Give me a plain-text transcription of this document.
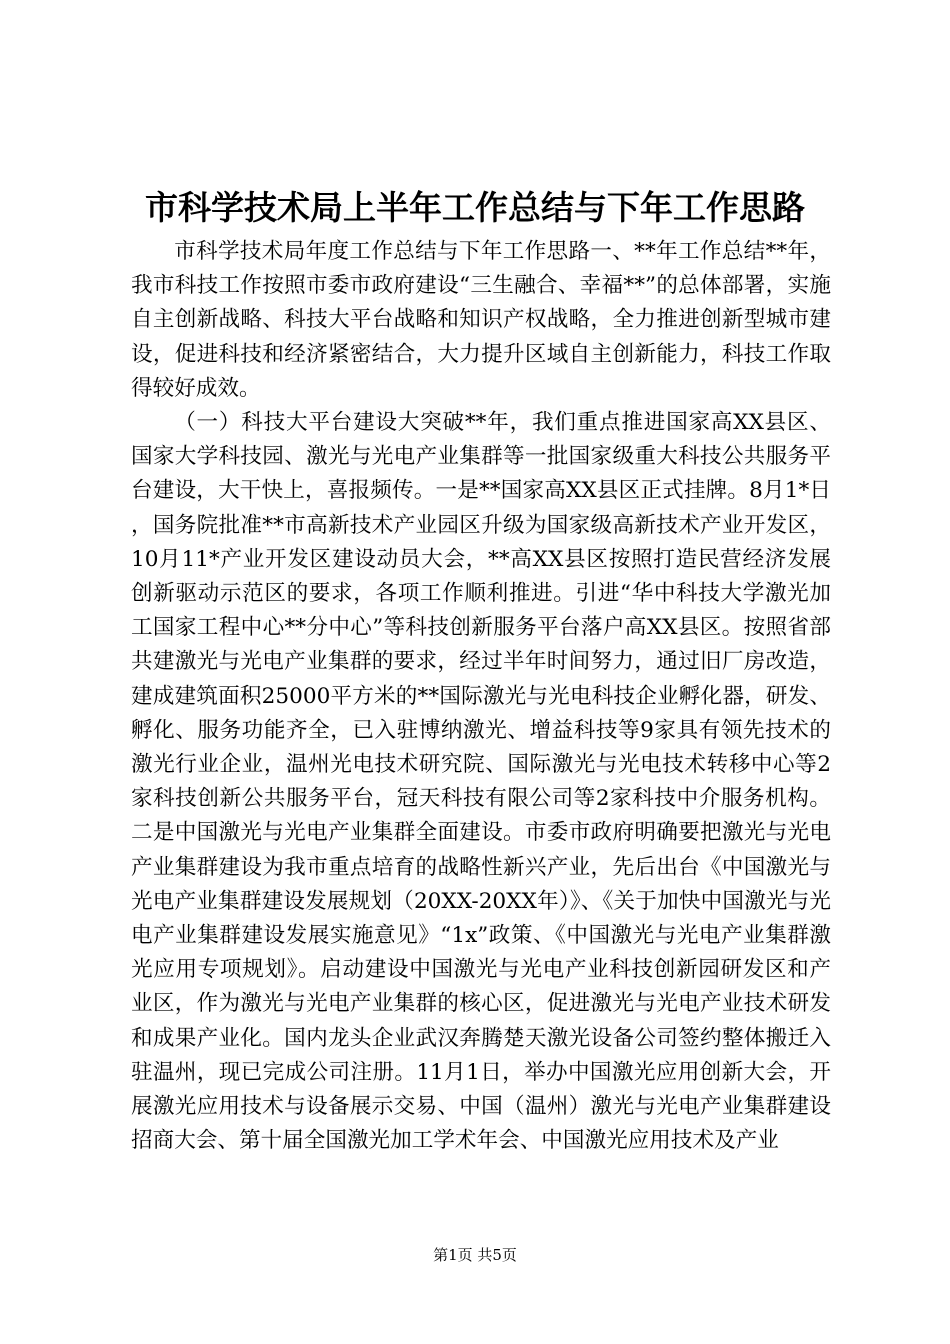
市科学技术局上半年工作总结与下年工作思路

市科学技术局年度工作总结与下年工作思路一、**年工作总结**年，我市科技工作按照市委市政府建设“三生融合、幸福**”的总体部署，实施自主创新战略、科技大平台战略和知识产权战略，全力推进创新型城市建设，促进科技和经济紧密结合，大力提升区域自主创新能力，科技工作取得较好成效。

（一）科技大平台建设大突破**年，我们重点推进国家高XX县区、国家大学科技园、激光与光电产业集群等一批国家级重大科技公共服务平台建设，大干快上，喜报频传。一是**国家高XX县区正式挂牌。8月1*日，国务院批准**市高新技术产业园区升级为国家级高新技术产业开发区，10月11*产业开发区建设动员大会，**高XX县区按照打造民营经济发展创新驱动示范区的要求，各项工作顺利推进。引进“华中科技大学激光加工国家工程中心**分中心”等科技创新服务平台落户高XX县区。按照省部共建激光与光电产业集群的要求，经过半年时间努力，通过旧厂房改造，建成建筑面积25000平方米的**国际激光与光电科技企业孵化器，研发、孵化、服务功能齐全，已入驻博纳激光、增益科技等9家具有领先技术的激光行业企业，温州光电技术研究院、国际激光与光电技术转移中心等2家科技创新公共服务平台，冠天科技有限公司等2家科技中介服务机构。二是中国激光与光电产业集群全面建设。市委市政府明确要把激光与光电产业集群建设为我市重点培育的战略性新兴产业，先后出台《中国激光与光电产业集群建设发展规划（20XX-20XX年）》、《关于加快中国激光与光电产业集群建设发展实施意见》“1x”政策、《中国激光与光电产业集群激光应用专项规划》。启动建设中国激光与光电产业科技创新园研发区和产业区，作为激光与光电产业集群的核心区，促进激光与光电产业技术研发和成果产业化。国内龙头企业武汉奔腾楚天激光设备公司签约整体搬迁入驻温州，现已完成公司注册。11月1日，举办中国激光应用创新大会，开展激光应用技术与设备展示交易、中国（温州）激光与光电产业集群建设招商大会、第十届全国激光加工学术年会、中国激光应用技术及产业

第1页 共5页
